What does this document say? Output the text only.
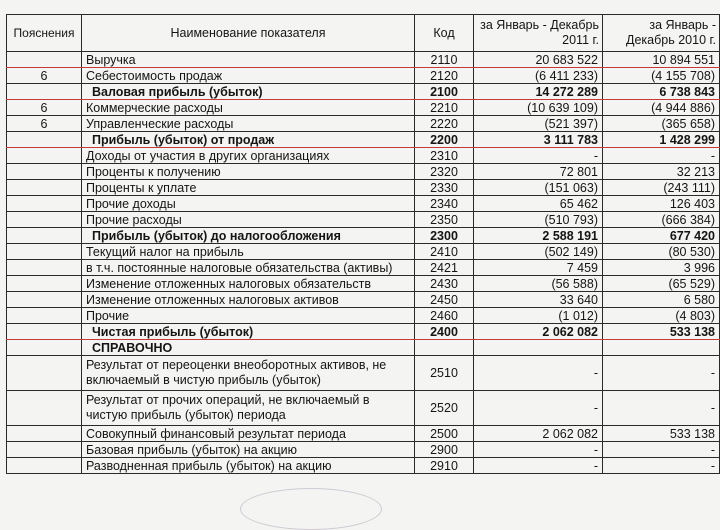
Пояснения	Наименование показателя	Код	за Январь - Декабрь 2011 г.	за Январь - Декабрь 2010 г.
	Выручка	2110	20 683 522	10 894 551
6	Себестоимость продаж	2120	(6 411 233)	(4 155 708)
	Валовая прибыль (убыток)	2100	14 272 289	6 738 843
6	Коммерческие расходы	2210	(10 639 109)	(4 944 886)
6	Управленческие расходы	2220	(521 397)	(365 658)
	Прибыль (убыток) от продаж	2200	3 111 783	1 428 299
	Доходы от участия в других организациях	2310	-	-
	Проценты к получению	2320	72 801	32 213
	Проценты к уплате	2330	(151 063)	(243 111)
	Прочие доходы	2340	65 462	126 403
	Прочие расходы	2350	(510 793)	(666 384)
	Прибыль (убыток) до налогообложения	2300	2 588 191	677 420
	Текущий налог на прибыль	2410	(502 149)	(80 530)
	в т.ч. постоянные налоговые обязательства (активы)	2421	7 459	3 996
	Изменение отложенных налоговых обязательств	2430	(56 588)	(65 529)
	Изменение отложенных налоговых активов	2450	33 640	6 580
	Прочие	2460	(1 012)	(4 803)
	Чистая прибыль (убыток)	2400	2 062 082	533 138
	СПРАВОЧНО			
	Результат от переоценки внеоборотных активов, не включаемый в чистую прибыль (убыток)	2510	-	-
	Результат от прочих операций, не включаемый в чистую прибыль (убыток) периода	2520	-	-
	Совокупный финансовый результат периода	2500	2 062 082	533 138
	Базовая прибыль (убыток) на акцию	2900	-	-
	Разводненная прибыль (убыток) на акцию	2910	-	-
